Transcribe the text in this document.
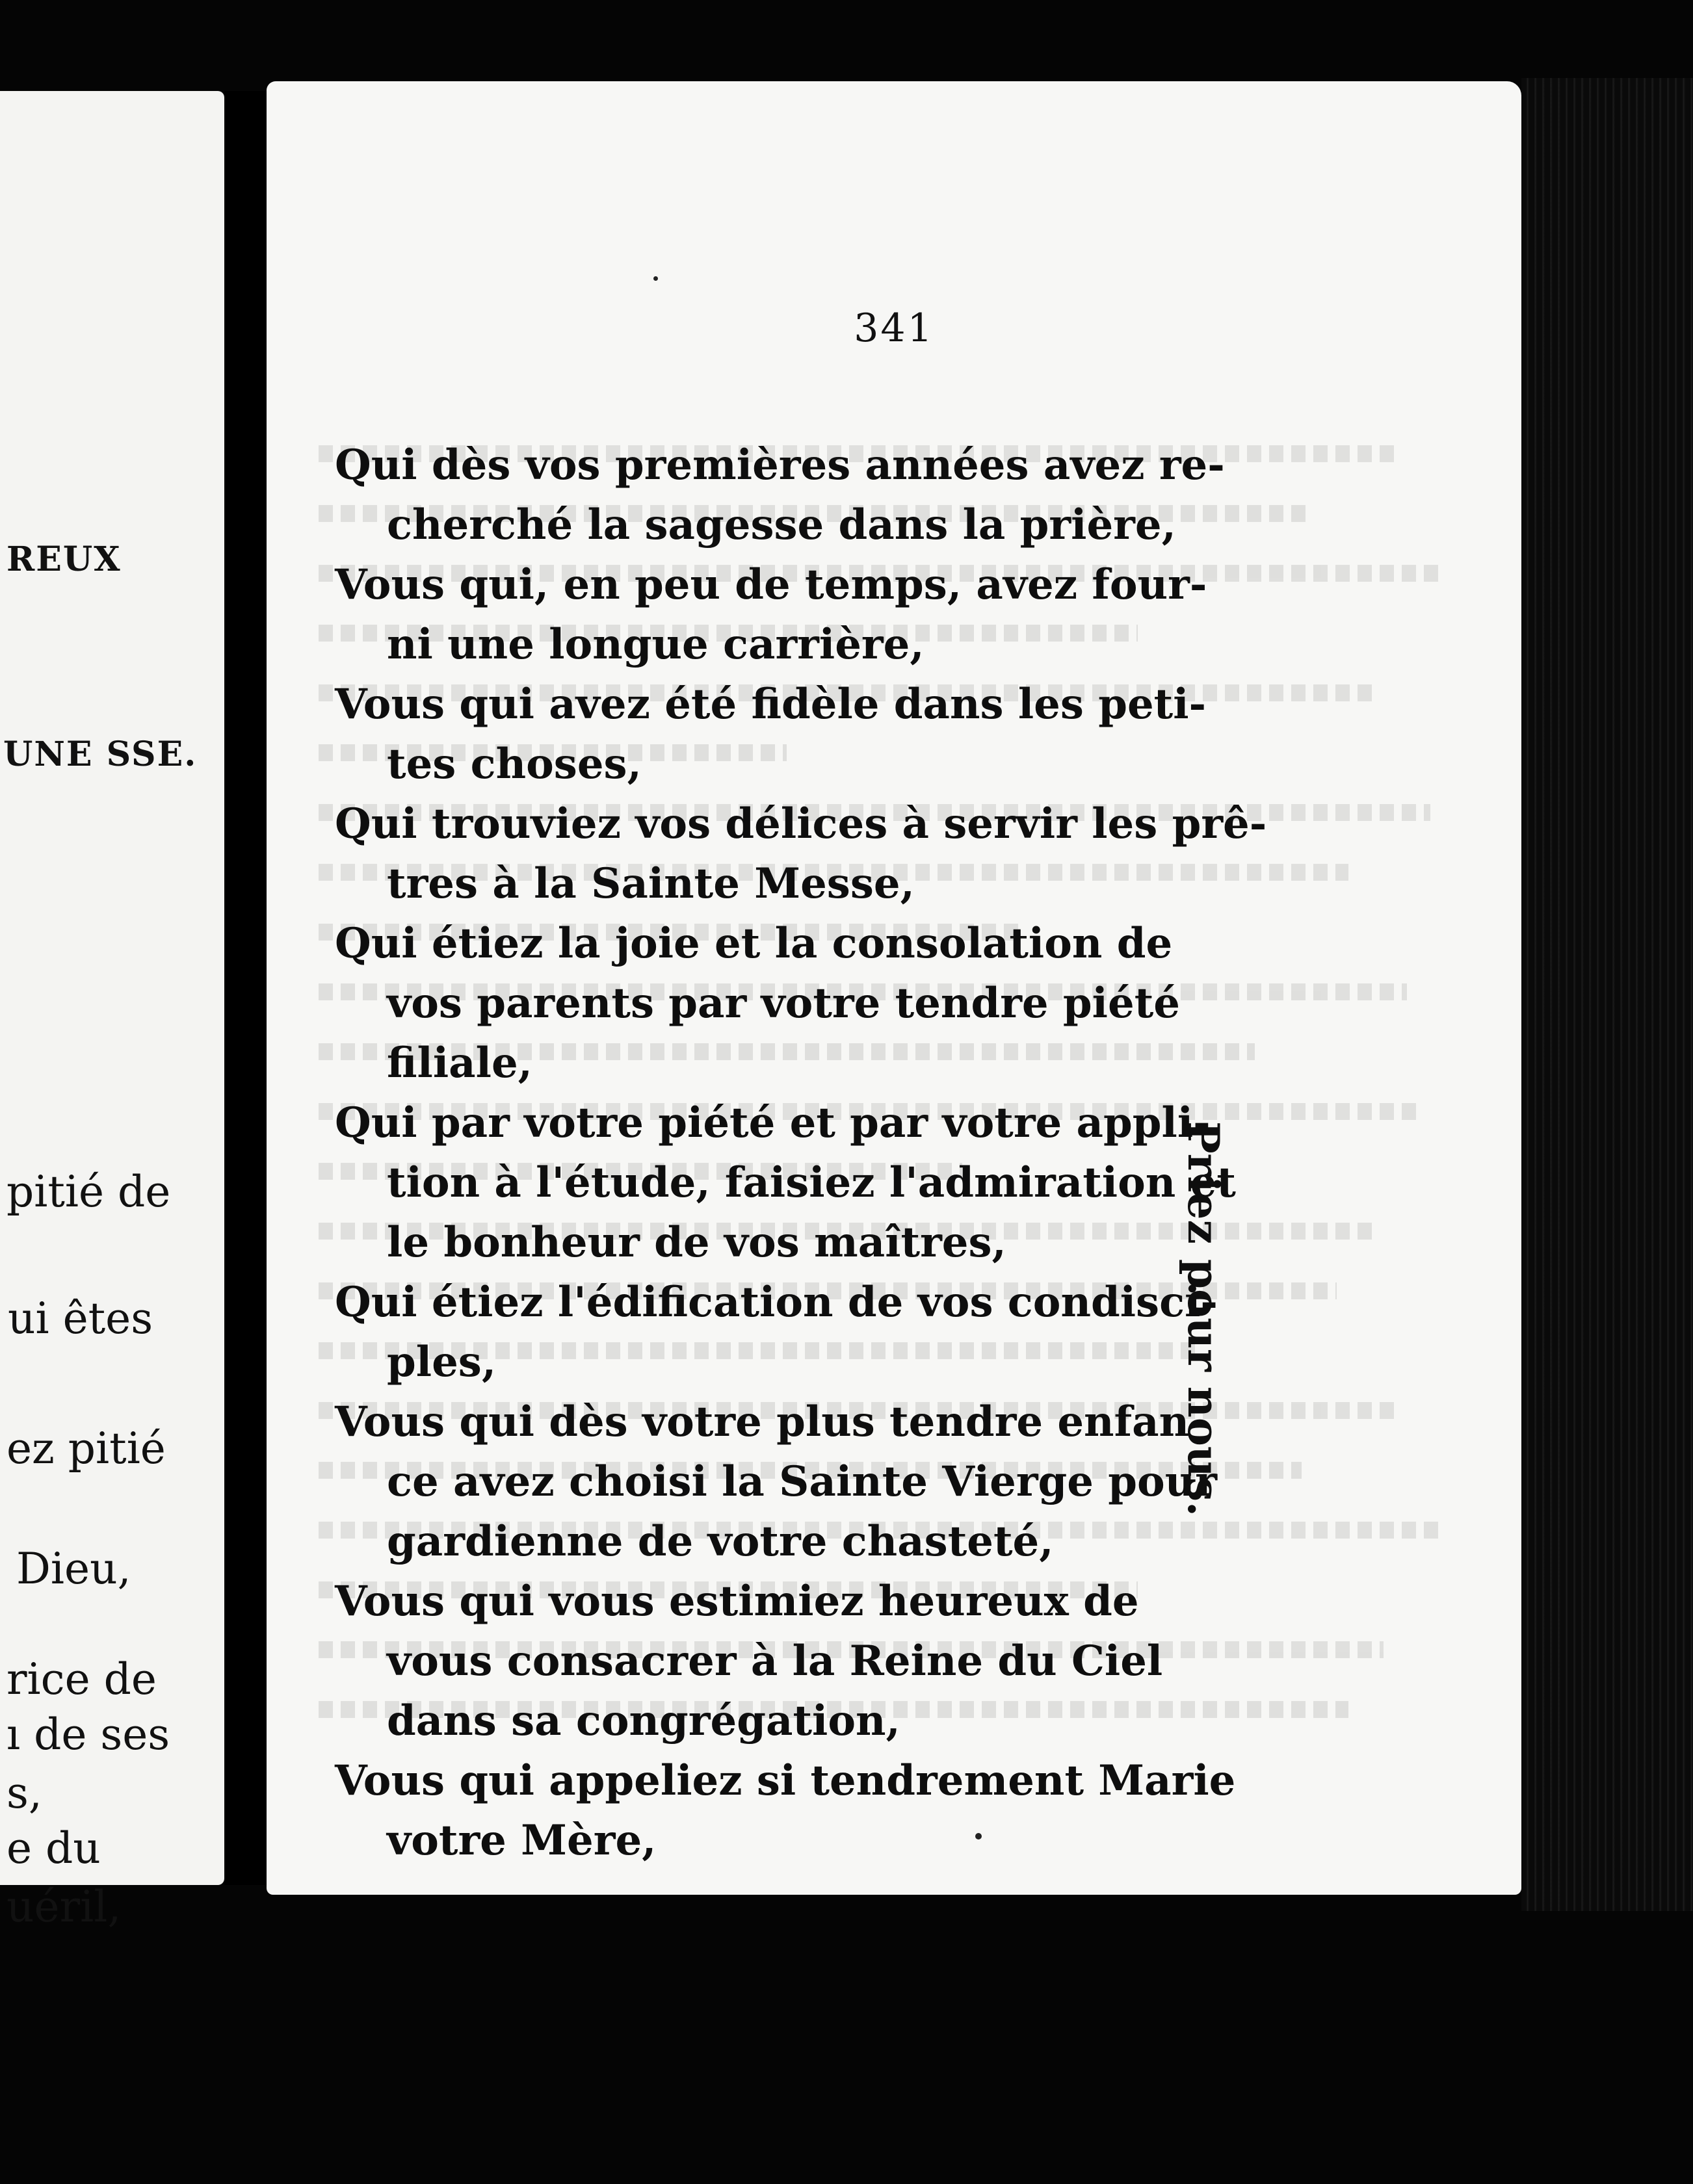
REUX
UNE SSE.
pitié de
ui êtes
ez pitié
Dieu,
rice de
ı de ses
s,
e du
uéril,
341
Qui dès vos premières années avez re-
cherché la sagesse dans la prière,
Vous qui, en peu de temps, avez four-
ni une longue carrière,
Vous qui avez été fidèle dans les peti-
tes choses,
Qui trouviez vos délices à servir les prê-
tres à la Sainte Messe,
Qui étiez la joie et la consolation de
vos parents par votre tendre piété
filiale,
Qui par votre piété et par votre appli-
tion à l'étude, faisiez l'admiration et
le bonheur de vos maîtres,
Qui étiez l'édification de vos condisci-
ples,
Vous qui dès votre plus tendre enfan-
ce avez choisi la Sainte Vierge pour
gardienne de votre chasteté,
Vous qui vous estimiez heureux de
vous consacrer à la Reine du Ciel
dans sa congrégation,
Vous qui appeliez si tendrement Marie
votre Mère,
Priez pour nous.
